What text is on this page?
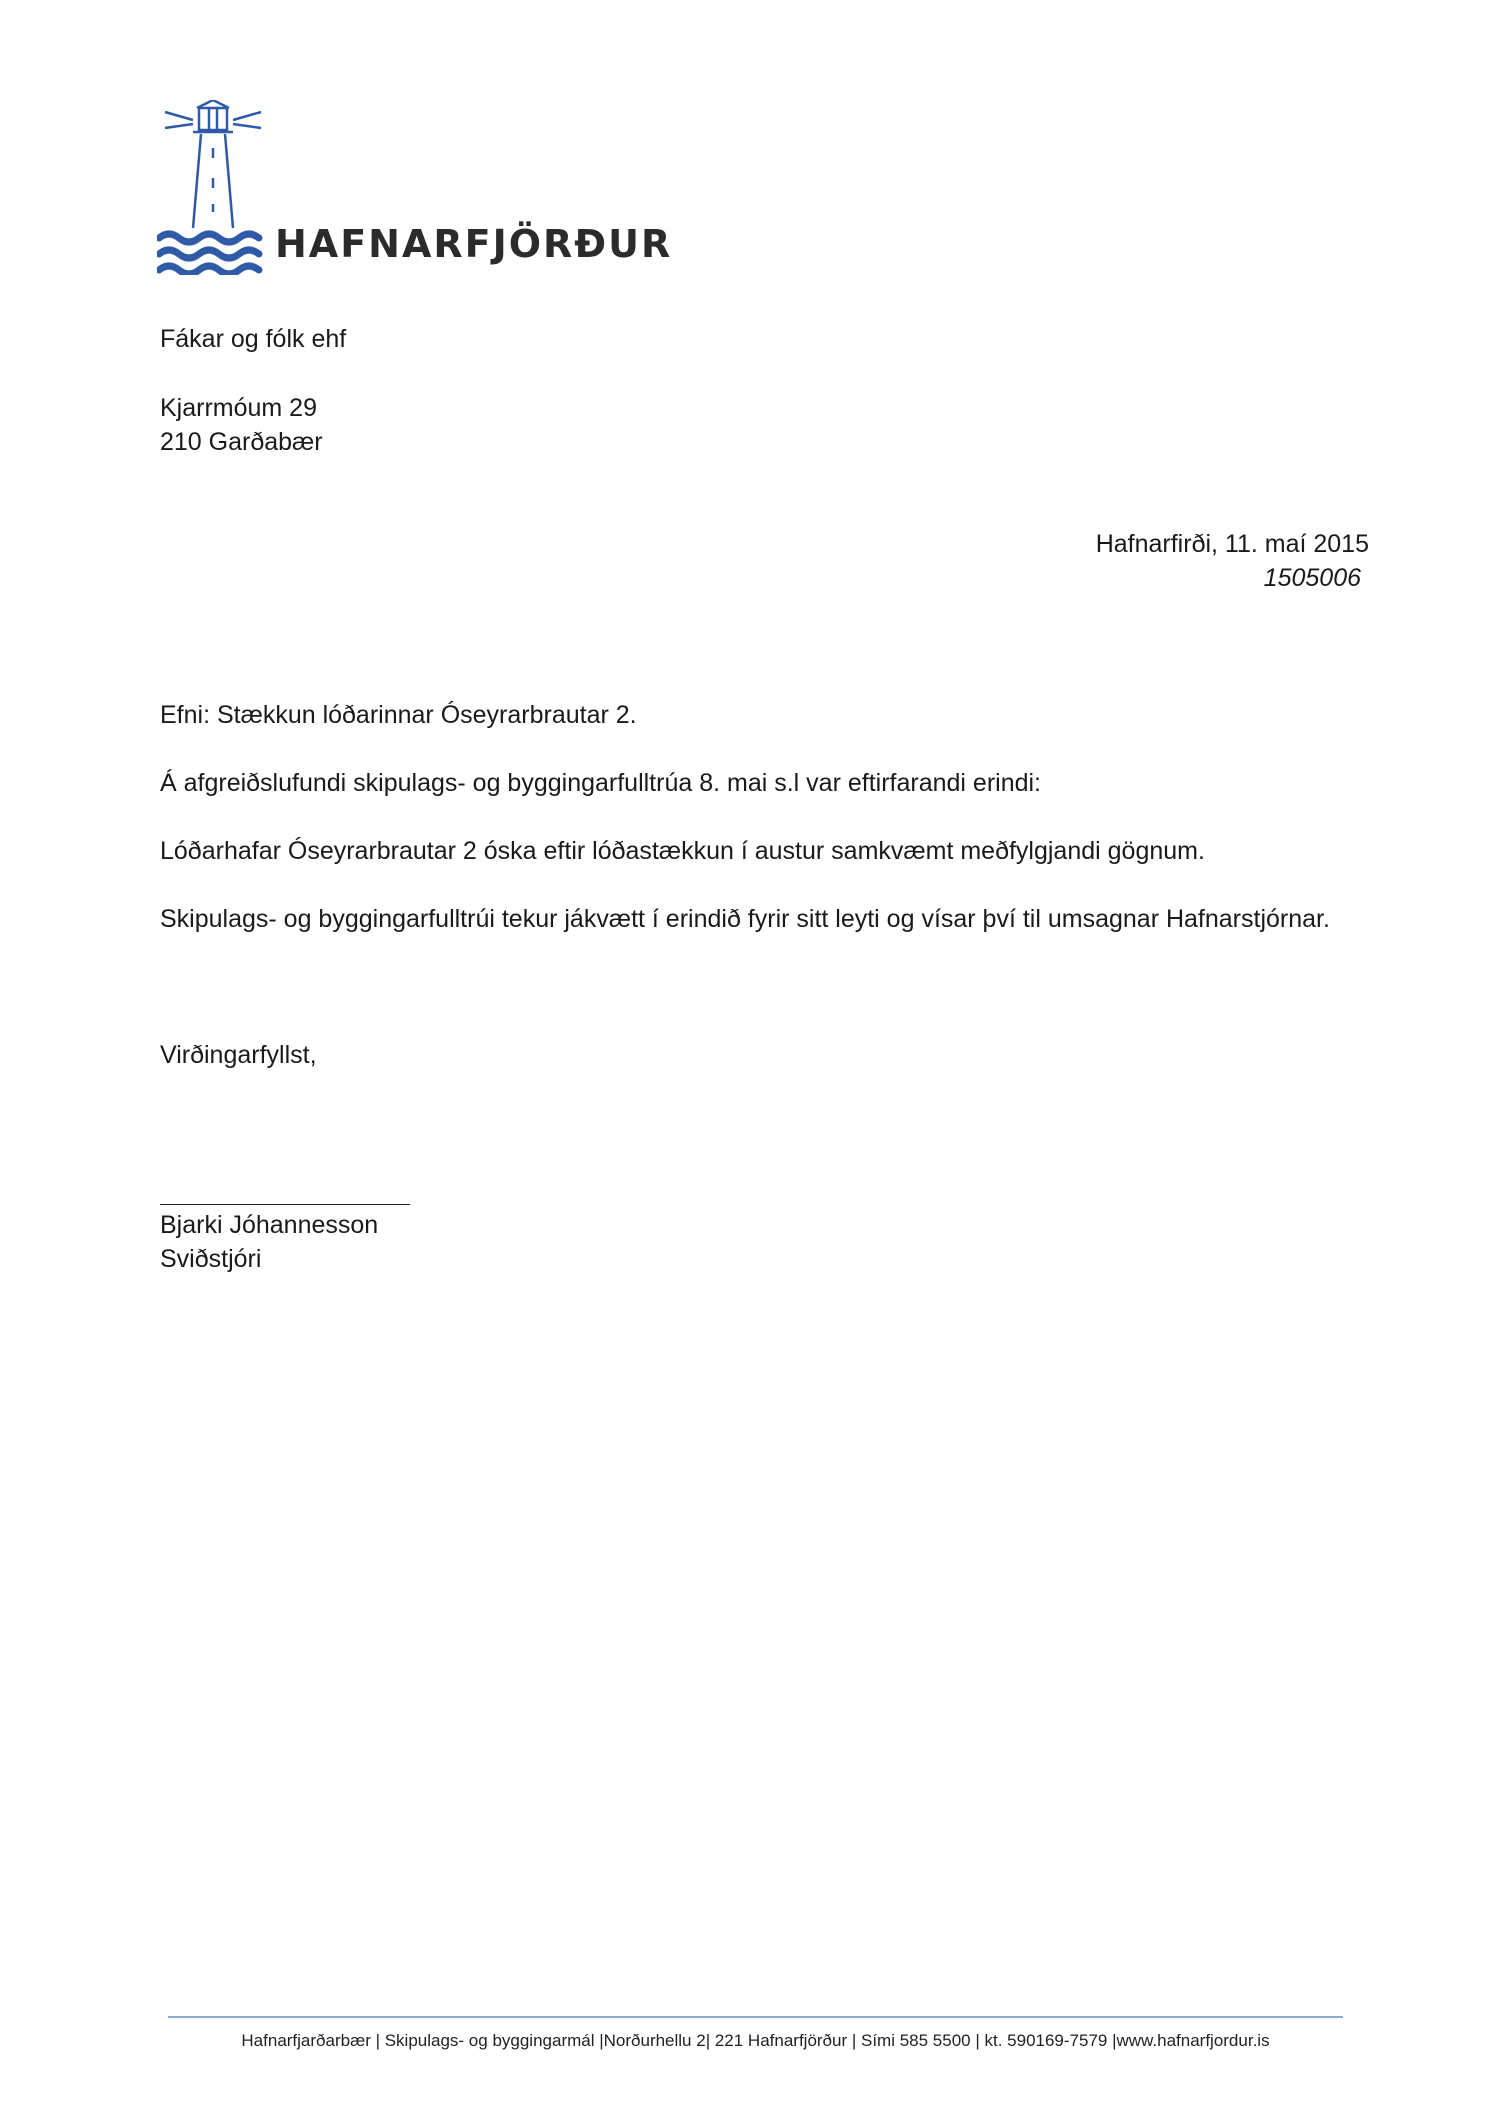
HAFNARFJÖRÐUR
Fákar og fólk ehf
Kjarrmóum 29
210 Garðabær
Hafnarfirði, 11. maí 2015
1505006
Efni: Stækkun lóðarinnar Óseyrarbrautar 2.
Á afgreiðslufundi skipulags- og byggingarfulltrúa 8. mai s.l var eftirfarandi erindi:
Lóðarhafar Óseyrarbrautar 2 óska eftir lóðastækkun í austur samkvæmt meðfylgjandi gögnum.
Skipulags- og byggingarfulltrúi tekur jákvætt í erindið fyrir sitt leyti og vísar því til umsagnar Hafnarstjórnar.
Virðingarfyllst,
Bjarki Jóhannesson
Sviðstjóri
Hafnarfjarðarbær | Skipulags- og byggingarmál |Norðurhellu 2| 221 Hafnarfjörður | Sími 585 5500 | kt. 590169-7579 |www.hafnarfjordur.is
